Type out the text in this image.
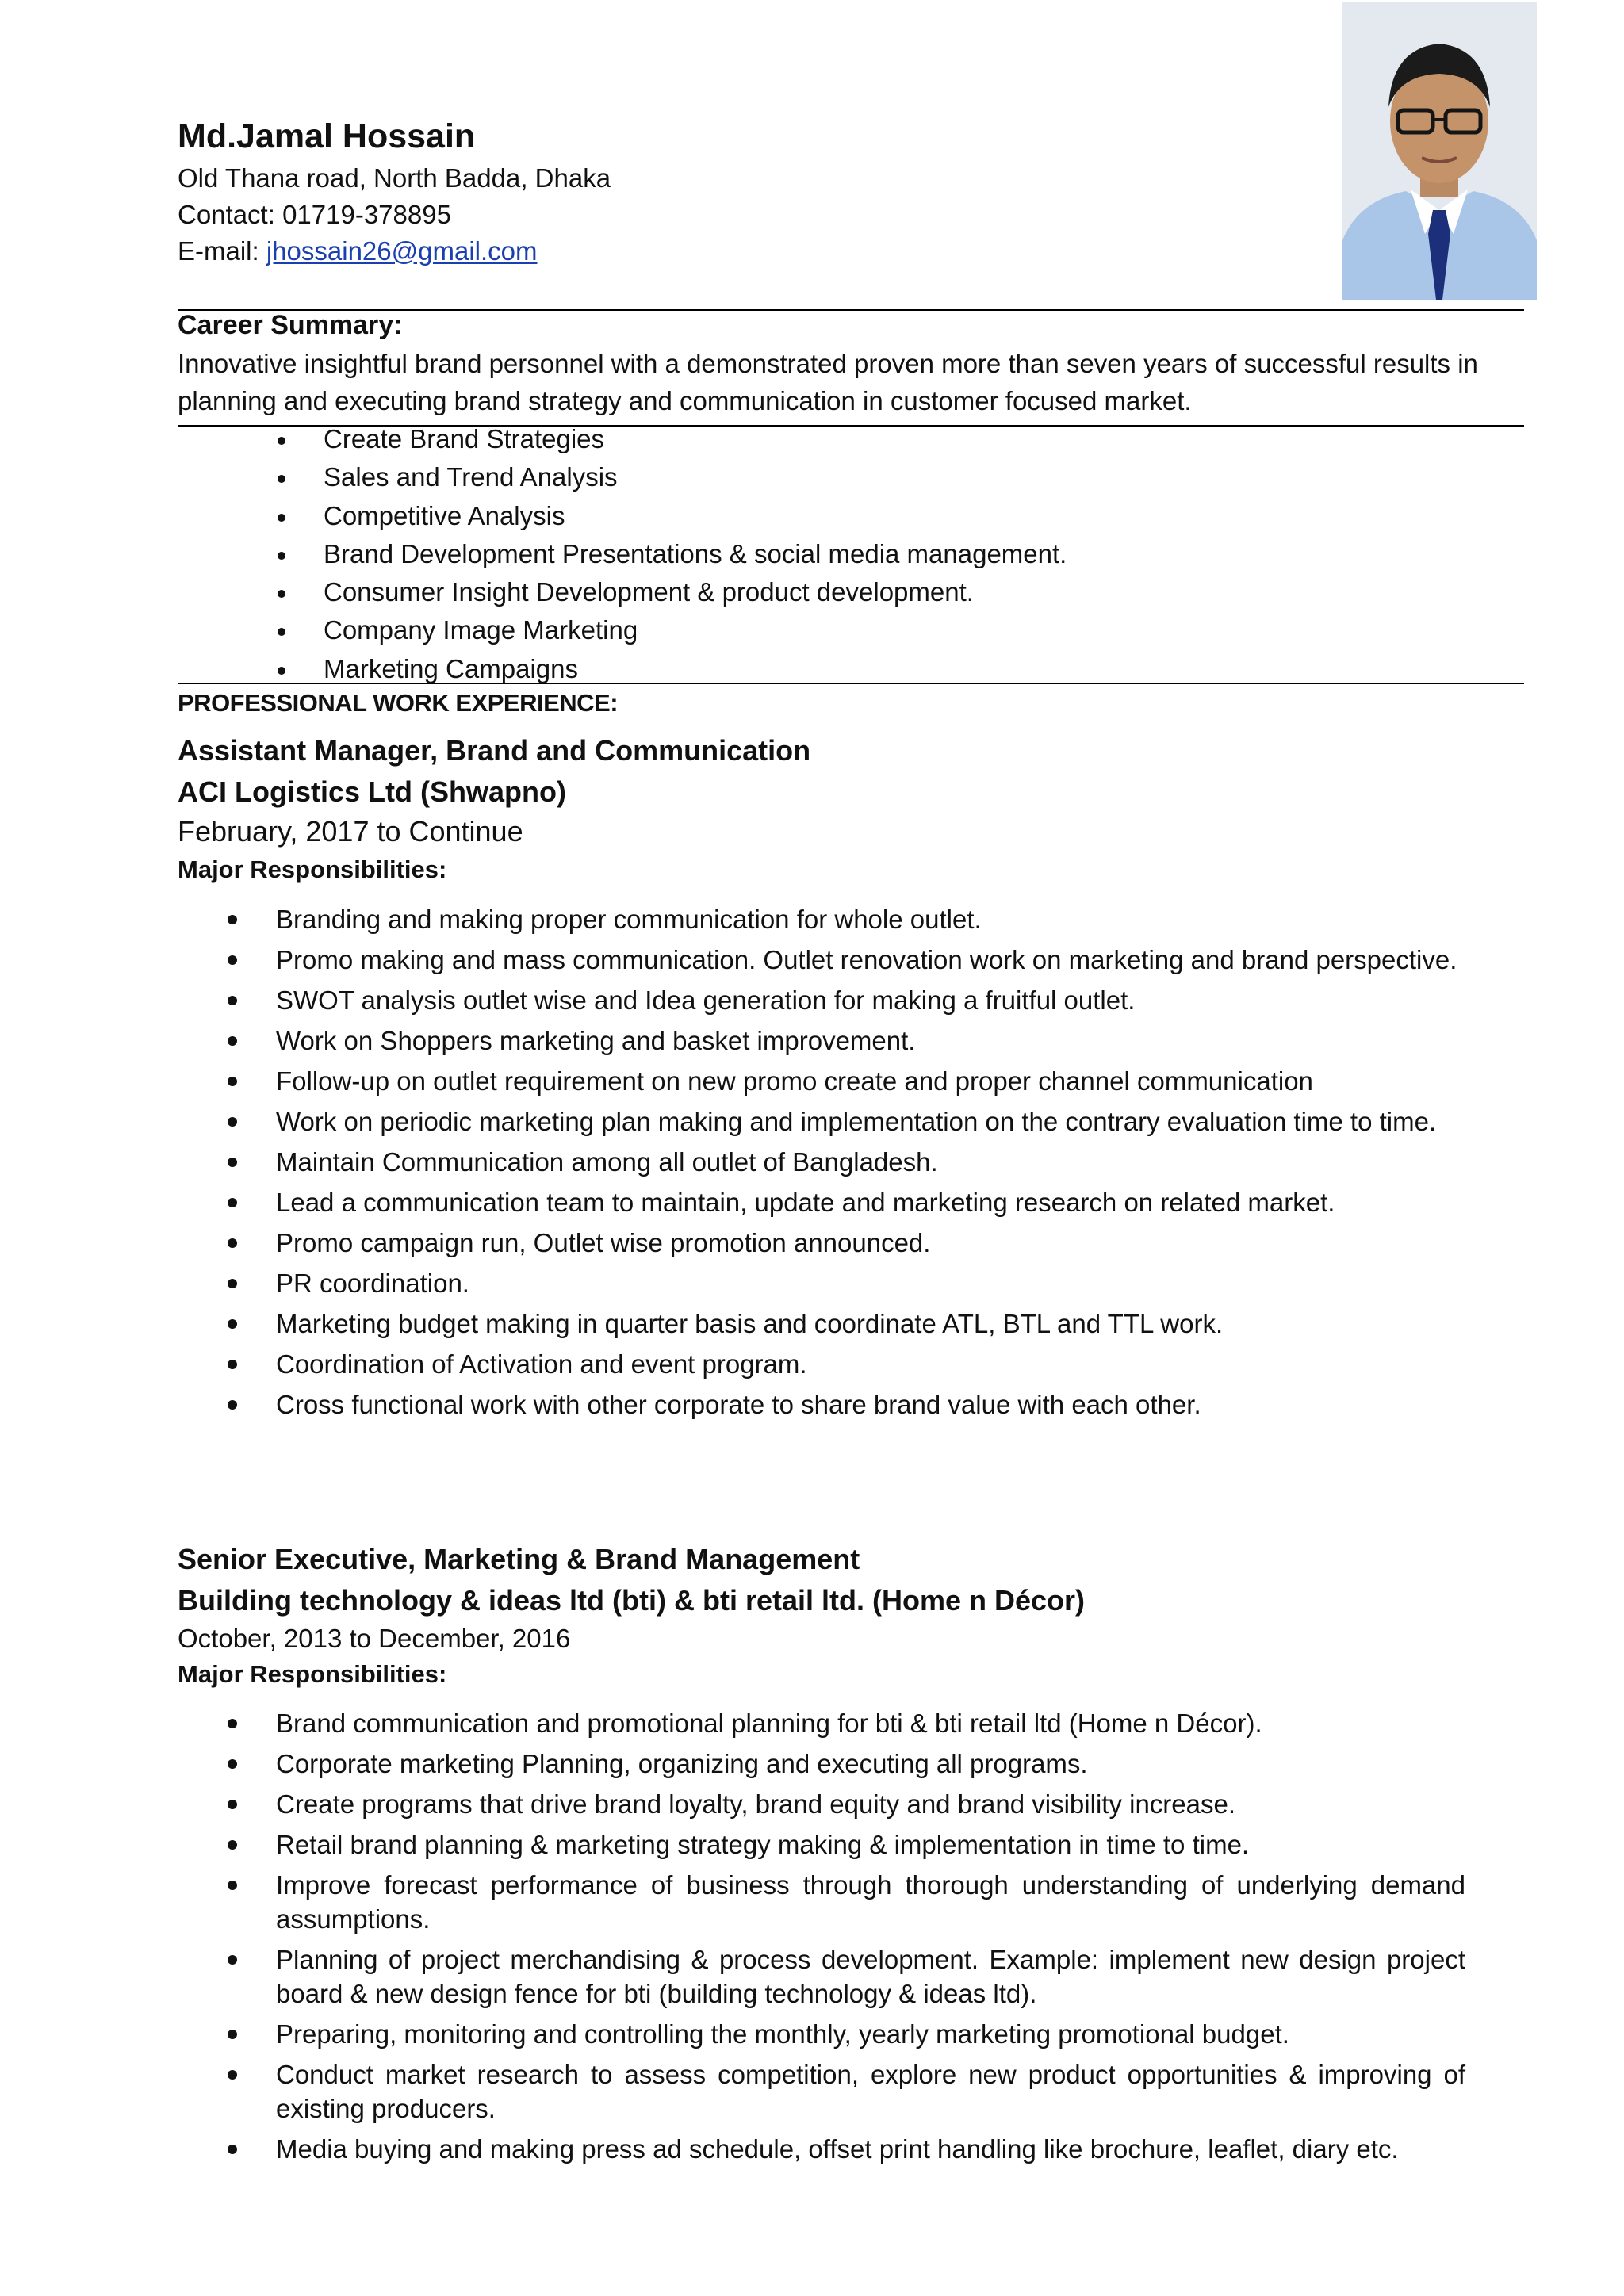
Md.Jamal Hossain
Old Thana road, North Badda, Dhaka
Contact: 01719-378895
E-mail: jhossain26@gmail.com
Career Summary:
Innovative insightful brand personnel with a demonstrated proven more than seven years of successful results in planning and executing brand strategy and communication in customer focused market.
Create Brand Strategies
Sales and Trend Analysis
Competitive Analysis
Brand Development Presentations & social media management.
Consumer Insight Development & product development.
Company Image Marketing
Marketing Campaigns
PROFESSIONAL WORK EXPERIENCE:
Assistant Manager, Brand and Communication
ACI Logistics Ltd (Shwapno)
February, 2017 to Continue
Major Responsibilities:
Branding and making proper communication for whole outlet.
Promo making and mass communication. Outlet renovation work on marketing and brand perspective.
SWOT analysis outlet wise and Idea generation for making a fruitful outlet.
Work on Shoppers marketing and basket improvement.
Follow-up on outlet requirement on new promo create and proper channel communication
Work on periodic marketing plan making and implementation on the contrary evaluation time to time.
Maintain Communication among all outlet of Bangladesh.
Lead a communication team to maintain, update and marketing research on related market.
Promo campaign run, Outlet wise promotion announced.
PR coordination.
Marketing budget making in quarter basis and coordinate ATL, BTL and TTL work.
Coordination of Activation and event program.
Cross functional work with other corporate to share brand value with each other.
Senior Executive, Marketing & Brand Management
Building technology & ideas ltd (bti) & bti retail ltd. (Home n Décor)
October, 2013 to December, 2016
Major Responsibilities:
Brand communication and promotional planning for bti & bti retail ltd (Home n Décor).
Corporate marketing Planning, organizing and executing all programs.
Create programs that drive brand loyalty, brand equity and brand visibility increase.
Retail brand planning & marketing strategy making & implementation in time to time.
Improve forecast performance of business through thorough understanding of underlying demand assumptions.
Planning of project merchandising & process development. Example: implement new design project board & new design fence for bti (building technology & ideas ltd).
Preparing, monitoring and controlling the monthly, yearly marketing promotional budget.
Conduct market research to assess competition, explore new product opportunities & improving of existing producers.
Media buying and making press ad schedule, offset print handling like brochure, leaflet, diary etc.
